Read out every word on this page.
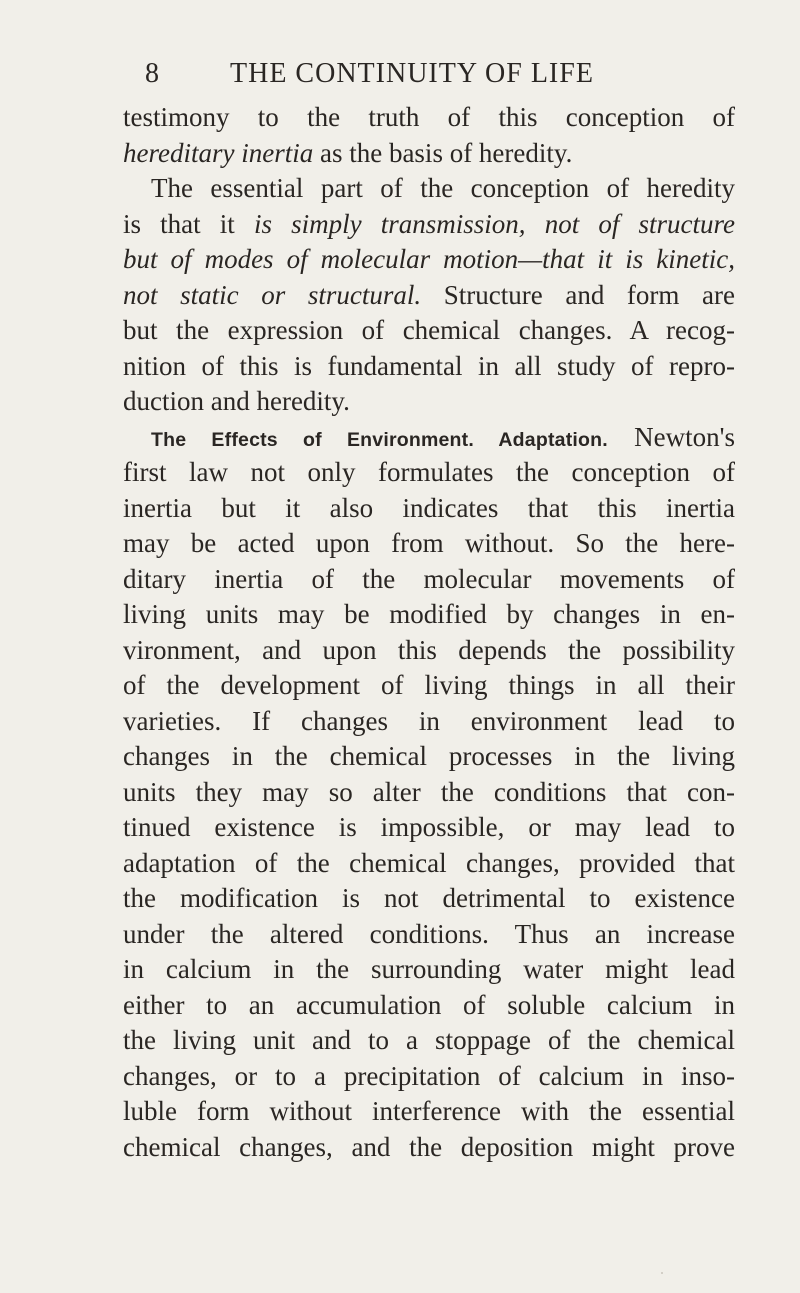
8	THE CONTINUITY OF LIFE
testimony to the truth of this conception of
hereditary inertia as the basis of heredity.
The essential part of the conception of heredity
is that it is simply transmission, not of structure
but of modes of molecular motion—that it is kinetic,
not static or structural. Structure and form are
but the expression of chemical changes. A recog-
nition of this is fundamental in all study of repro-
duction and heredity.
The Effects of Environment. Adaptation. Newton's
first law not only formulates the conception of
inertia but it also indicates that this inertia
may be acted upon from without. So the here-
ditary inertia of the molecular movements of
living units may be modified by changes in en-
vironment, and upon this depends the possibility
of the development of living things in all their
varieties. If changes in environment lead to
changes in the chemical processes in the living
units they may so alter the conditions that con-
tinued existence is impossible, or may lead to
adaptation of the chemical changes, provided that
the modification is not detrimental to existence
under the altered conditions. Thus an increase
in calcium in the surrounding water might lead
either to an accumulation of soluble calcium in
the living unit and to a stoppage of the chemical
changes, or to a precipitation of calcium in inso-
luble form without interference with the essential
chemical changes, and the deposition might prove
